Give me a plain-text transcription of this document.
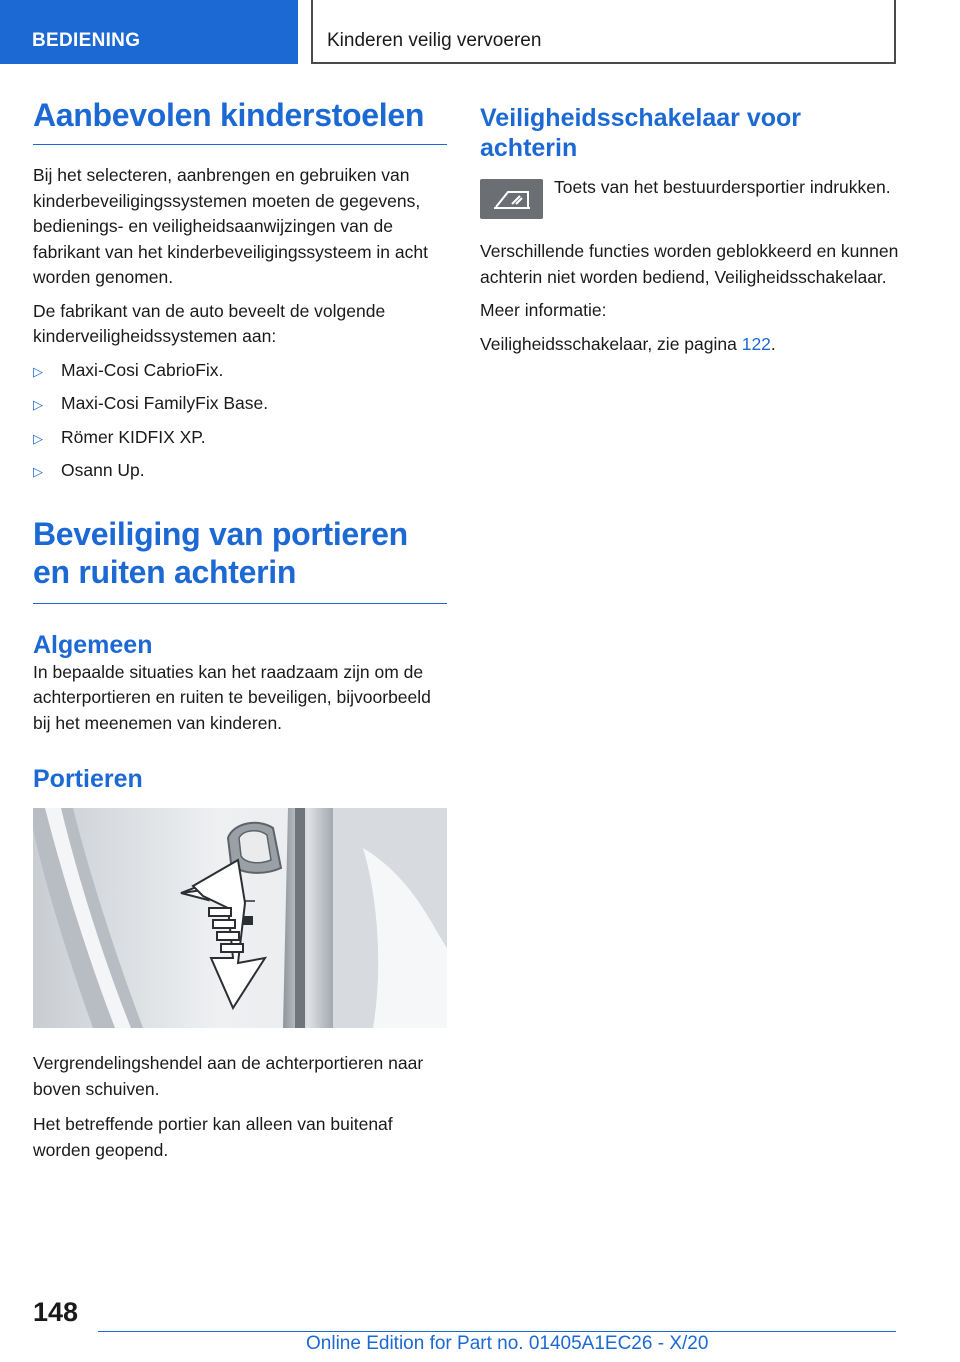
BEDIENING	Kinderen veilig vervoeren
Aanbevolen kinderstoelen

Bij het selecteren, aanbrengen en gebruiken van kinderbeveiligingssystemen moeten de gegevens, bedienings- en veiligheidsaanwijzingen van de fabrikant van het kinderbeveiligingssysteem in acht worden genomen.

De fabrikant van de auto beveelt de volgende kinderveiligheidssystemen aan:

▷	Maxi-Cosi CabrioFix.
▷	Maxi-Cosi FamilyFix Base.
▷	Römer KIDFIX XP.
▷	Osann Up.
Beveiliging van portieren en ruiten achterin
Algemeen

In bepaalde situaties kan het raadzaam zijn om de achterportieren en ruiten te beveiligen, bijvoorbeeld bij het meenemen van kinderen.

Portieren

Vergrendelingshendel aan de achterportieren naar boven schuiven.

Het betreffende portier kan alleen van buitenaf worden geopend.

Veiligheidsschakelaar voor achterin
Toets van het bestuurdersportier indrukken.

Verschillende functies worden geblokkeerd en kunnen achterin niet worden bediend, Veiligheidsschakelaar.

Meer informatie:

Veiligheidsschakelaar, zie pagina 122.

148
Online Edition for Part no. 01405A1EC26 - X/20
